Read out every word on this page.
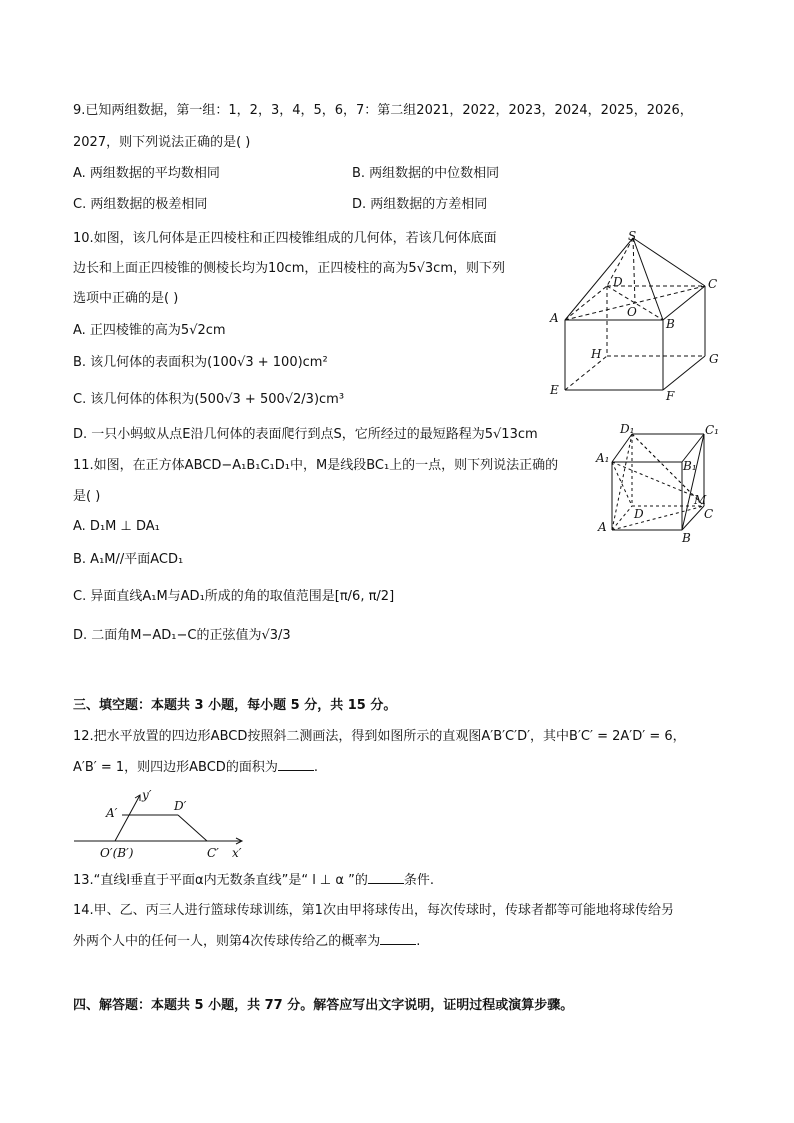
9.已知两组数据，第一组：1，2，3，4，5，6，7：第二组2021，2022，2023，2024，2025，2026，
2027，则下列说法正确的是( )
A. 两组数据的平均数相同	B. 两组数据的中位数相同
C. 两组数据的极差相同	D. 两组数据的方差相同
10.如图，该几何体是正四棱柱和正四棱锥组成的几何体，若该几何体底面
边长和上面正四棱锥的侧棱长均为10cm，正四棱柱的高为5√3cm，则下列
选项中正确的是( )
A. 正四棱锥的高为5√2cm
B. 该几何体的表面积为(100√3 + 100)cm²
C. 该几何体的体积为(500√3 + 500√2/3)cm³
D. 一只小蚂蚁从点E沿几何体的表面爬行到点S，它所经过的最短路程为5√13cm
S
D	C
O
A	B
H	G
E	F
11.如图，在正方体ABCD−A₁B₁C₁D₁中，M是线段BC₁上的一点，则下列说法正确的
是( )
A. D₁M ⊥ DA₁
B. A₁M//平面ACD₁
C. 异面直线A₁M与AD₁所成的角的取值范围是[π/6, π/2]
D. 二面角M−AD₁−C的正弦值为√3/3
D₁	C₁
A₁
B₁
M
D	C
A
B
三、填空题：本题共 3 小题，每小题 5 分，共 15 分。
12.把水平放置的四边形ABCD按照斜二测画法，得到如图所示的直观图A′B′C′D′，其中B′C′ = 2A′D′ = 6，
A′B′ = 1，则四边形ABCD的面积为	.
y′
A′	D′
O′(B′)	C′ x′
13.“直线l垂直于平面α内无数条直线”是“ l ⊥ α ”的	条件.
14.甲、乙、丙三人进行篮球传球训练，第1次由甲将球传出，每次传球时，传球者都等可能地将球传给另
外两个人中的任何一人，则第4次传球传给乙的概率为	.
四、解答题：本题共 5 小题，共 77 分。解答应写出文字说明，证明过程或演算步骤。
